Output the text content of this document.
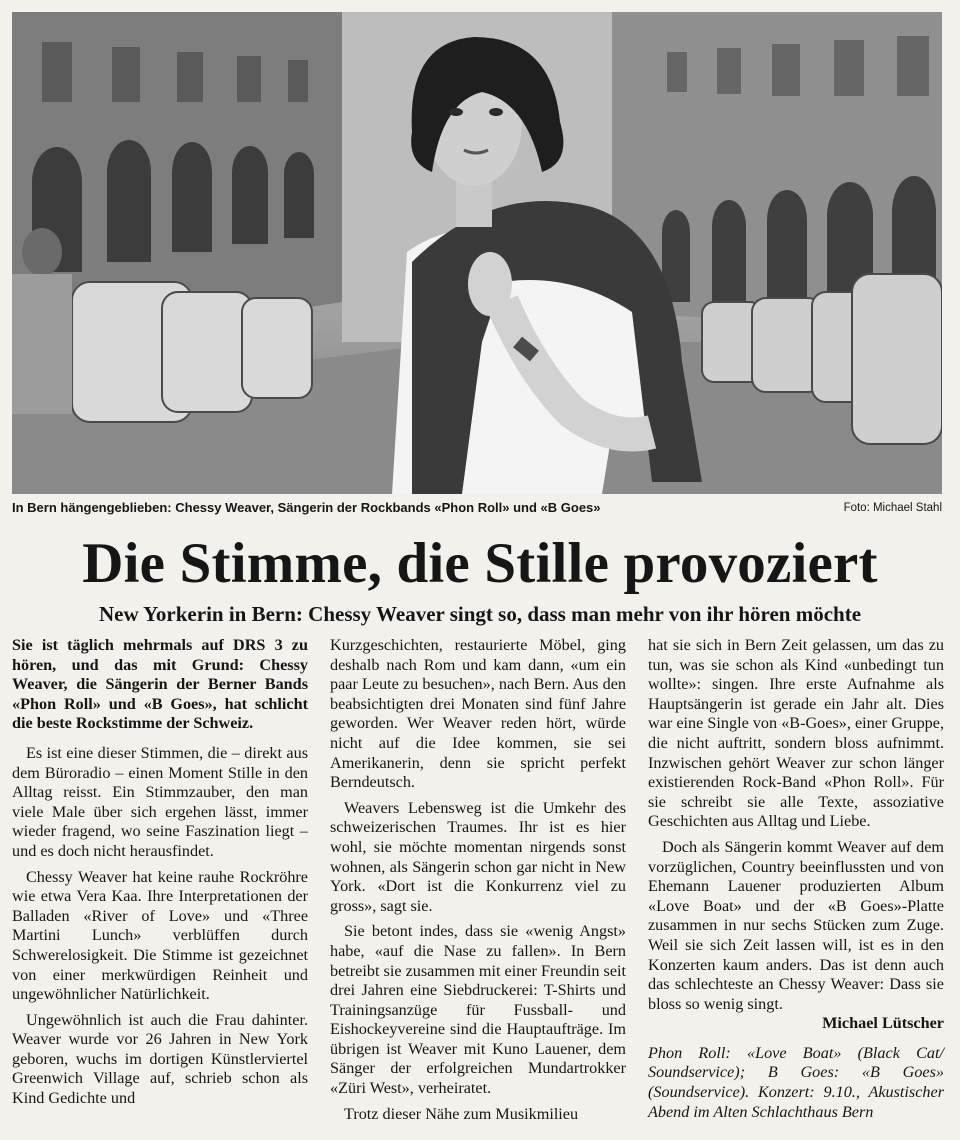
In Bern hängengeblieben: Chessy Weaver, Sängerin der Rockbands «Phon Roll» und «B Goes»	Foto: Michael Stahl
Die Stimme, die Stille provoziert
New Yorkerin in Bern: Chessy Weaver singt so, dass man mehr von ihr hören möchte

Sie ist täglich mehrmals auf DRS 3 zu hören, und das mit Grund: Chessy Weaver, die Sängerin der Berner Bands «Phon Roll» und «B Goes», hat schlicht die beste Rockstimme der Schweiz.

Es ist eine dieser Stimmen, die – direkt aus dem Büroradio – einen Moment Stille in den Alltag reisst. Ein Stimmzauber, den man viele Male über sich ergehen lässt, immer wieder fragend, wo seine Faszination liegt – und es doch nicht herausfindet.

Chessy Weaver hat keine rauhe Rockröhre wie etwa Vera Kaa. Ihre Interpretationen der Balladen «River of Love» und «Three Martini Lunch» verblüffen durch Schwerelosigkeit. Die Stimme ist gezeichnet von einer merkwürdigen Reinheit und ungewöhnlicher Natürlichkeit.

Ungewöhnlich ist auch die Frau dahinter. Weaver wurde vor 26 Jahren in New York geboren, wuchs im dortigen Künstlerviertel Greenwich Village auf, schrieb schon als Kind Gedichte und

Kurzgeschichten, restaurierte Möbel, ging deshalb nach Rom und kam dann, «um ein paar Leute zu besuchen», nach Bern. Aus den beabsichtigten drei Monaten sind fünf Jahre geworden. Wer Weaver reden hört, würde nicht auf die Idee kommen, sie sei Amerikanerin, denn sie spricht perfekt Berndeutsch.

Weavers Lebensweg ist die Umkehr des schweizerischen Traumes. Ihr ist es hier wohl, sie möchte momentan nirgends sonst wohnen, als Sängerin schon gar nicht in New York. «Dort ist die Konkurrenz viel zu gross», sagt sie.

Sie betont indes, dass sie «wenig Angst» habe, «auf die Nase zu fallen». In Bern betreibt sie zusammen mit einer Freundin seit drei Jahren eine Siebdruckerei: T-Shirts und Trainingsanzüge für Fussball- und Eishockeyvereine sind die Hauptaufträge. Im übrigen ist Weaver mit Kuno Lauener, dem Sänger der erfolgreichen Mundartrokker «Züri West», verheiratet.

Trotz dieser Nähe zum Musikmilieu

hat sie sich in Bern Zeit gelassen, um das zu tun, was sie schon als Kind «unbedingt tun wollte»: singen. Ihre erste Aufnahme als Hauptsängerin ist gerade ein Jahr alt. Dies war eine Single von «B-Goes», einer Gruppe, die nicht auftritt, sondern bloss aufnimmt. Inzwischen gehört Weaver zur schon länger existierenden Rock-Band «Phon Roll». Für sie schreibt sie alle Texte, assoziative Geschichten aus Alltag und Liebe.

Doch als Sängerin kommt Weaver auf dem vorzüglichen, Country beeinflussten und von Ehemann Lauener produzierten Album «Love Boat» und der «B Goes»-Platte zusammen in nur sechs Stücken zum Zuge. Weil sie sich Zeit lassen will, ist es in den Konzerten kaum anders. Das ist denn auch das schlechteste an Chessy Weaver: Dass sie bloss so wenig singt.

Michael Lütscher

Phon Roll: «Love Boat» (Black Cat/ Soundservice); B Goes: «B Goes» (Soundservice). Konzert: 9.10., Akustischer Abend im Alten Schlachthaus Bern
